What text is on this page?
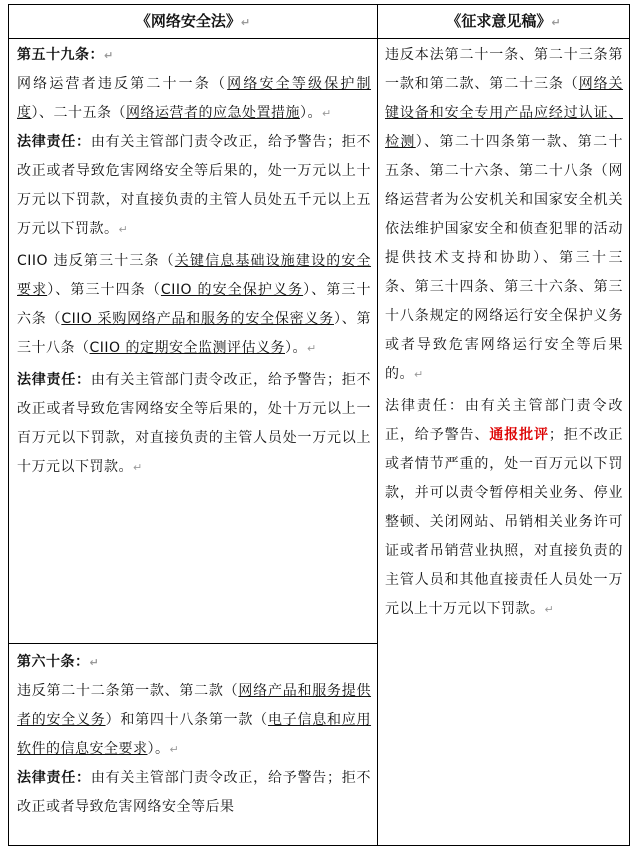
《网络安全法》↵	《征求意见稿》↵

第五十九条：↵

网络运营者违反第二十一条（网络安全等级保护制度）、二十五条（网络运营者的应急处置措施）。↵

法律责任：由有关主管部门责令改正，给予警告；拒不改正或者导致危害网络安全等后果的，处一万元以上十万元以下罚款，对直接负责的主管人员处五千元以上五万元以下罚款。↵

CIIO 违反第三十三条（关键信息基础设施建设的安全要求）、第三十四条（CIIO 的安全保护义务）、第三十六条（CIIO 采购网络产品和服务的安全保密义务）、第三十八条（CIIO 的定期安全监测评估义务）。↵

法律责任：由有关主管部门责令改正，给予警告；拒不改正或者导致危害网络安全等后果的，处十万元以上一百万元以下罚款，对直接负责的主管人员处一万元以上十万元以下罚款。↵

第六十条：↵

违反第二十二条第一款、第二款（网络产品和服务提供者的安全义务）和第四十八条第一款（电子信息和应用软件的信息安全要求）。↵

法律责任：由有关主管部门责令改正，给予警告；拒不改正或者导致危害网络安全等后果

违反本法第二十一条、第二十三条第一款和第二款、第二十三条（网络关键设备和安全专用产品应经过认证、检测）、第二十四条第一款、第二十五条、第二十六条、第二十八条（网络运营者为公安机关和国家安全机关依法维护国家安全和侦查犯罪的活动提供技术支持和协助）、第三十三条、第三十四条、第三十六条、第三十八条规定的网络运行安全保护义务或者导致危害网络运行安全等后果的。↵

法律责任：由有关主管部门责令改正，给予警告、通报批评；拒不改正或者情节严重的，处一百万元以下罚款，并可以责令暂停相关业务、停业整顿、关闭网站、吊销相关业务许可证或者吊销营业执照，对直接负责的主管人员和其他直接责任人员处一万元以上十万元以下罚款。↵
